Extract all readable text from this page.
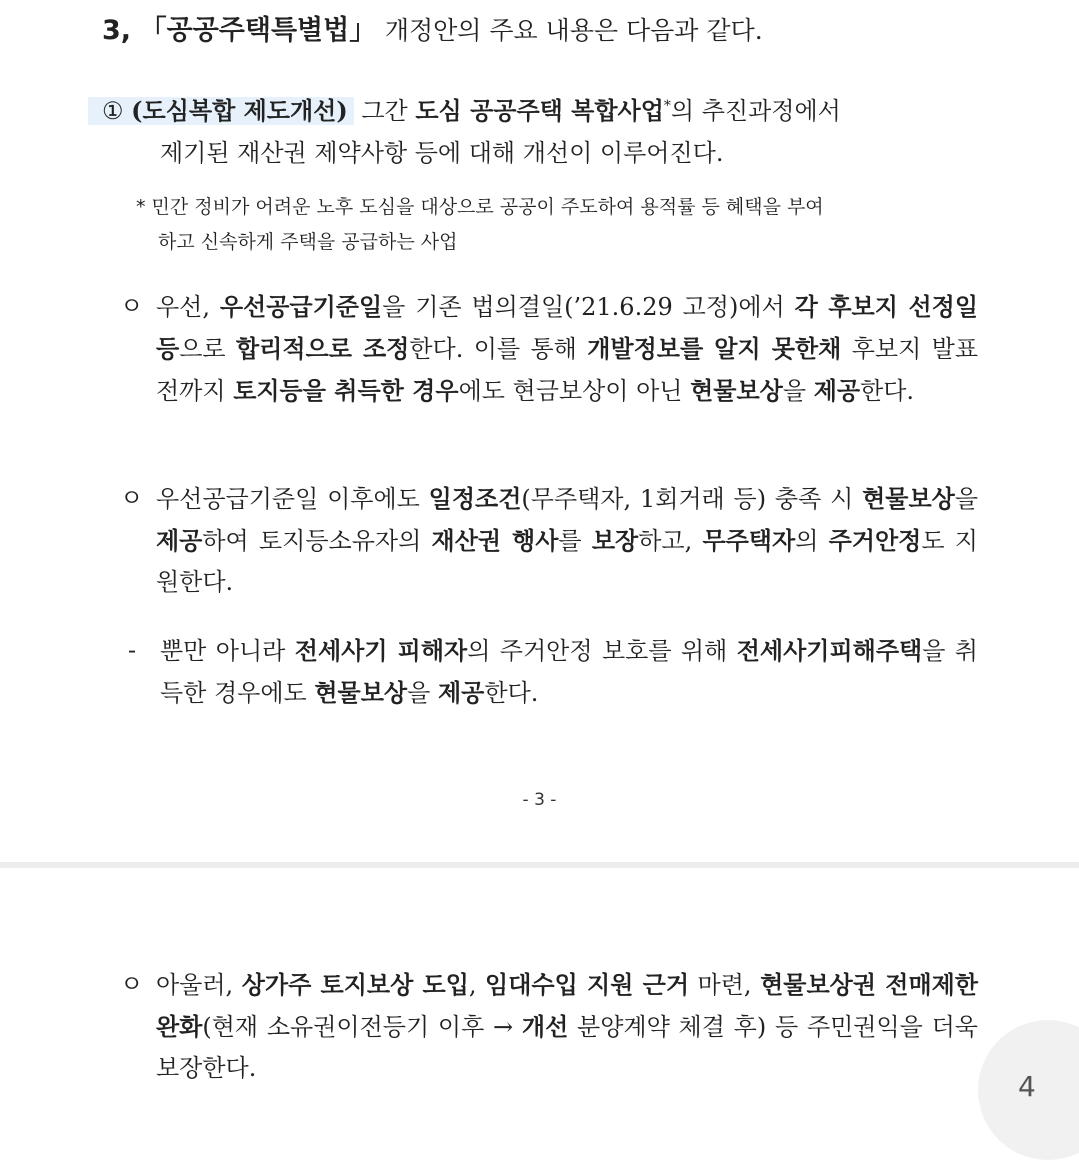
3, 「공공주택특별법」 개정안의 주요 내용은 다음과 같다.
① (도심복합 제도개선) 그간 도심 공공주택 복합사업*의 추진과정에서
제기된 재산권 제약사항 등에 대해 개선이 이루어진다.
* 민간 정비가 어려운 노후 도심을 대상으로 공공이 주도하여 용적률 등 혜택을 부여
하고 신속하게 주택을 공급하는 사업
ㅇ 우선, 우선공급기준일을 기존 법의결일(’21.6.29 고정)에서 각 후보지 선정일 등으로 합리적으로 조정한다. 이를 통해 개발정보를 알지 못한채 후보지 발표 전까지 토지등을 취득한 경우에도 현금보상이 아닌 현물보상을 제공한다.
ㅇ 우선공급기준일 이후에도 일정조건(무주택자, 1회거래 등) 충족 시 현물보상을 제공하여 토지등소유자의 재산권 행사를 보장하고, 무주택자의 주거안정도 지원한다.
- 뿐만 아니라 전세사기 피해자의 주거안정 보호를 위해 전세사기피해주택을 취득한 경우에도 현물보상을 제공한다.
- 3 -
ㅇ 아울러, 상가주 토지보상 도입, 임대수입 지원 근거 마련, 현물보상권 전매제한 완화(현재 소유권이전등기 이후 → 개선 분양계약 체결 후) 등 주민권익을 더욱 보장한다.
4
